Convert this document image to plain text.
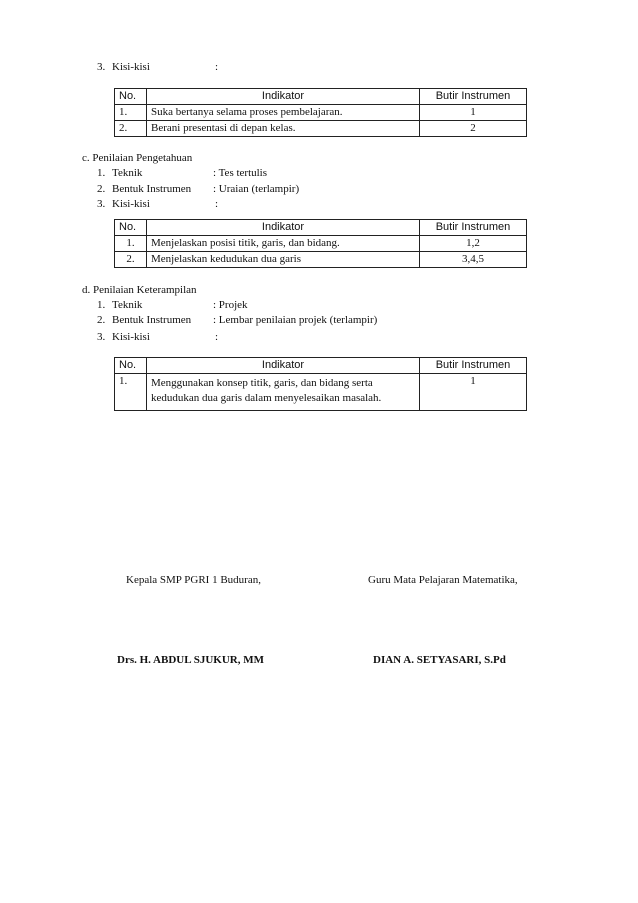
3. Kisi-kisi	:
No.	Indikator	Butir Instrumen
1.	Suka bertanya selama proses pembelajaran.	1
2.	Berani presentasi di depan kelas.	2
c. Penilaian Pengetahuan
1. Teknik	: Tes tertulis
2. Bentuk Instrumen : Uraian (terlampir)
3. Kisi-kisi	:
No.	Indikator	Butir Instrumen
1.	Menjelaskan posisi titik, garis, dan bidang.	1,2
2.	Menjelaskan kedudukan dua garis	3,4,5
d. Penilaian Keterampilan
1. Teknik	: Projek
2. Bentuk Instrumen : Lembar penilaian projek (terlampir)
3. Kisi-kisi	:
No.	Indikator	Butir Instrumen
1.	Menggunakan konsep titik, garis, dan bidang serta kedudukan dua garis dalam menyelesaikan masalah.	1
Kepala SMP PGRI 1 Buduran,	Guru Mata Pelajaran Matematika,
Drs. H. ABDUL SJUKUR, MM	DIAN A. SETYASARI, S.Pd
